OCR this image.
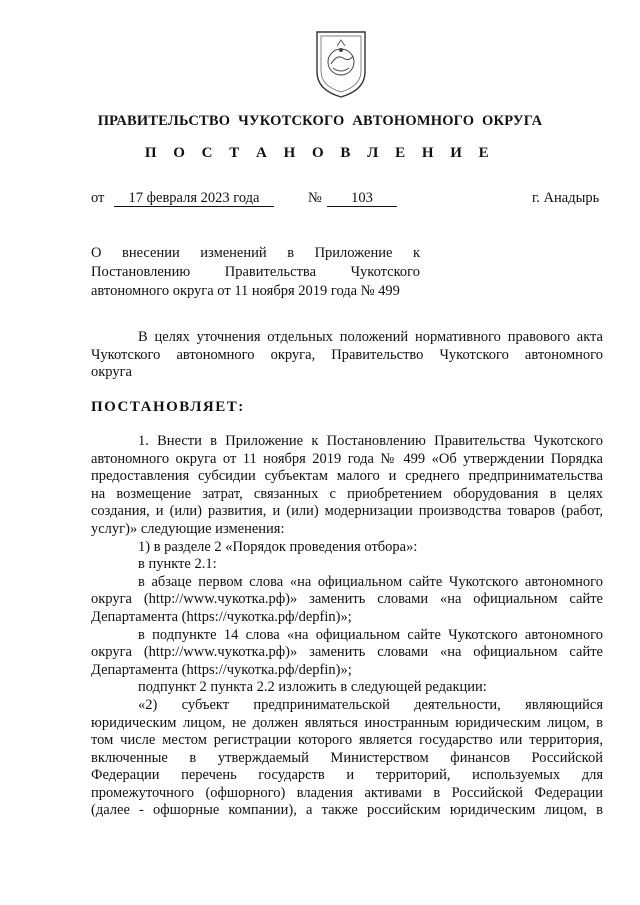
ПРАВИТЕЛЬСТВО ЧУКОТСКОГО АВТОНОМНОГО ОКРУГА
П О С Т А Н О В Л Е Н И Е
от	17 февраля 2023 года	№	103	г. Анадырь
О внесении изменений в Приложение к
Постановлению Правительства Чукотского
автономного округа от 11 ноября 2019 года № 499
В целях уточнения отдельных положений нормативного правового акта
Чукотского автономного округа, Правительство Чукотского автономного
округа
ПОСТАНОВЛЯЕТ:
1. Внести в Приложение к Постановлению Правительства Чукотского
автономного округа от 11 ноября 2019 года № 499 «Об утверждении Порядка
предоставления субсидии субъектам малого и среднего предпринимательства
на возмещение затрат, связанных с приобретением оборудования в целях
создания, и (или) развития, и (или) модернизации производства товаров (работ,
услуг)» следующие изменения:
1) в разделе 2 «Порядок проведения отбора»:
в пункте 2.1:
в абзаце первом слова «на официальном сайте Чукотского автономного
округа (http://www.чукотка.рф)» заменить словами «на официальном сайте
Департамента (https://чукотка.рф/depfin)»;
в подпункте 14 слова «на официальном сайте Чукотского автономного
округа (http://www.чукотка.рф)» заменить словами «на официальном сайте
Департамента (https://чукотка.рф/depfin)»;
подпункт 2 пункта 2.2 изложить в следующей редакции:
«2) субъект предпринимательской деятельности, являющийся
юридическим лицом, не должен являться иностранным юридическим лицом, в
том числе местом регистрации которого является государство или территория,
включенные в утверждаемый Министерством финансов Российской
Федерации перечень государств и территорий, используемых для
промежуточного (офшорного) владения активами в Российской Федерации
(далее - офшорные компании), а также российским юридическим лицом, в
